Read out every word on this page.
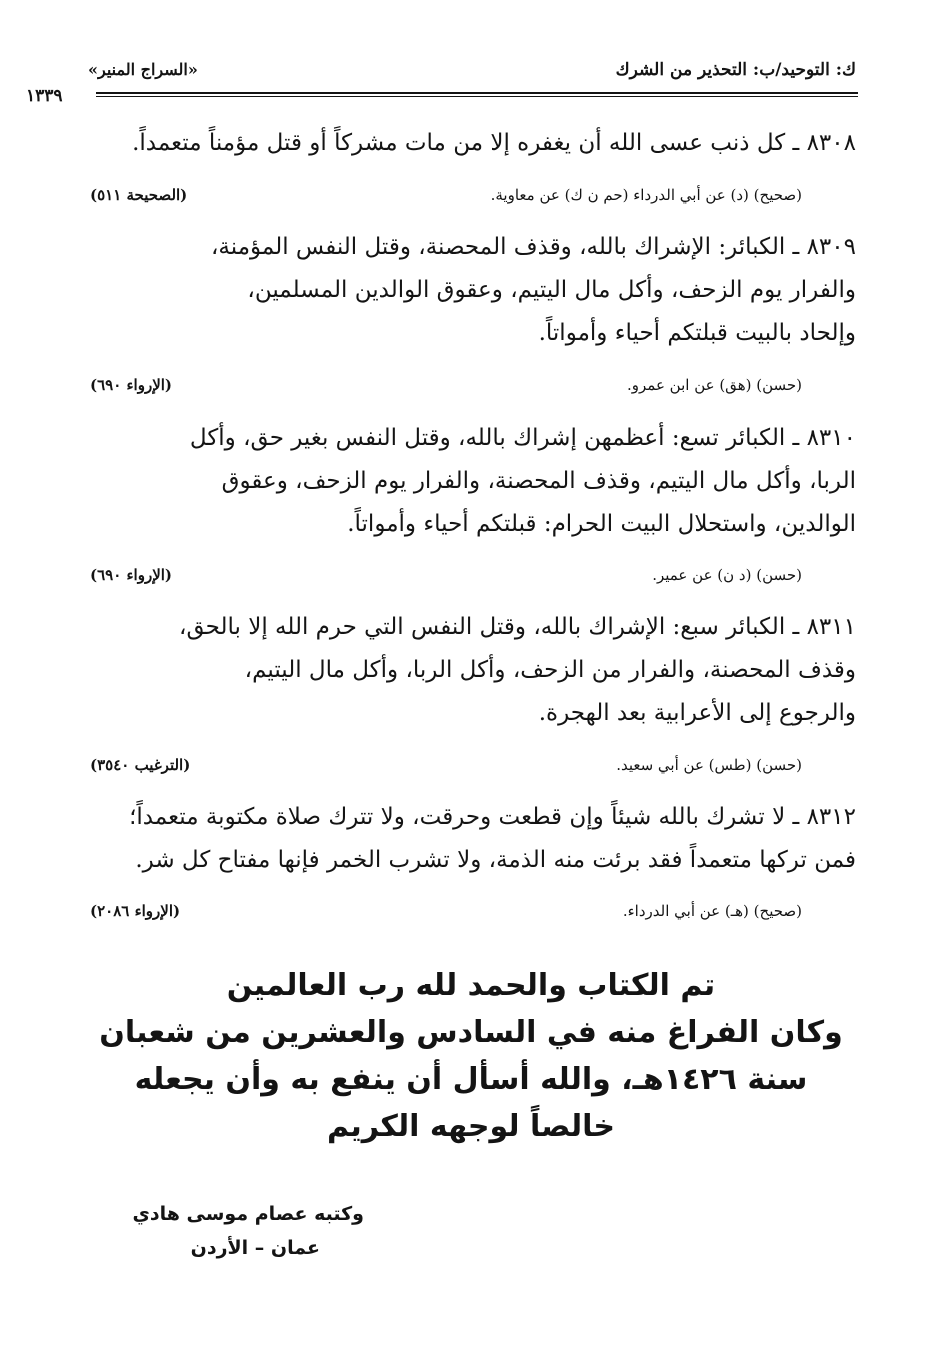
ك: التوحيد/ب: التحذير من الشرك
«السراج المنير»
١٣٣٩
٨٣٠٨ ـ كل ذنب عسى الله أن يغفره إلا من مات مشركاً أو قتل مؤمناً متعمداً.
(صحيح) (د) عن أبي الدرداء (حم ن ك) عن معاوية.
(الصحيحة ٥١١)
٨٣٠٩ ـ الكبائر: الإشراك بالله، وقذف المحصنة، وقتل النفس المؤمنة،
والفرار يوم الزحف، وأكل مال اليتيم، وعقوق الوالدين المسلمين،
وإلحاد بالبيت قبلتكم أحياء وأمواتاً.
(حسن) (هق) عن ابن عمرو.
(الإرواء ٦٩٠)
٨٣١٠ ـ الكبائر تسع: أعظمهن إشراك بالله، وقتل النفس بغير حق، وأكل
الربا، وأكل مال اليتيم، وقذف المحصنة، والفرار يوم الزحف، وعقوق
الوالدين، واستحلال البيت الحرام: قبلتكم أحياء وأمواتاً.
(حسن) (د ن) عن عمير.
(الإرواء ٦٩٠)
٨٣١١ ـ الكبائر سبع: الإشراك بالله، وقتل النفس التي حرم الله إلا بالحق،
وقذف المحصنة، والفرار من الزحف، وأكل الربا، وأكل مال اليتيم،
والرجوع إلى الأعرابية بعد الهجرة.
(حسن) (طس) عن أبي سعيد.
(الترغيب ٣٥٤٠)
٨٣١٢ ـ لا تشرك بالله شيئاً وإن قطعت وحرقت، ولا تترك صلاة مكتوبة متعمداً؛
فمن تركها متعمداً فقد برئت منه الذمة، ولا تشرب الخمر فإنها مفتاح كل شر.
(صحيح) (هـ) عن أبي الدرداء.
(الإرواء ٢٠٨٦)
تم الكتاب والحمد لله رب العالمين
وكان الفراغ منه في السادس والعشرين من شعبان
سنة ١٤٢٦هـ، والله أسأل أن ينفع به وأن يجعله
خالصاً لوجهه الكريم
وكتبه عصام موسى هادي
عمان – الأردن
